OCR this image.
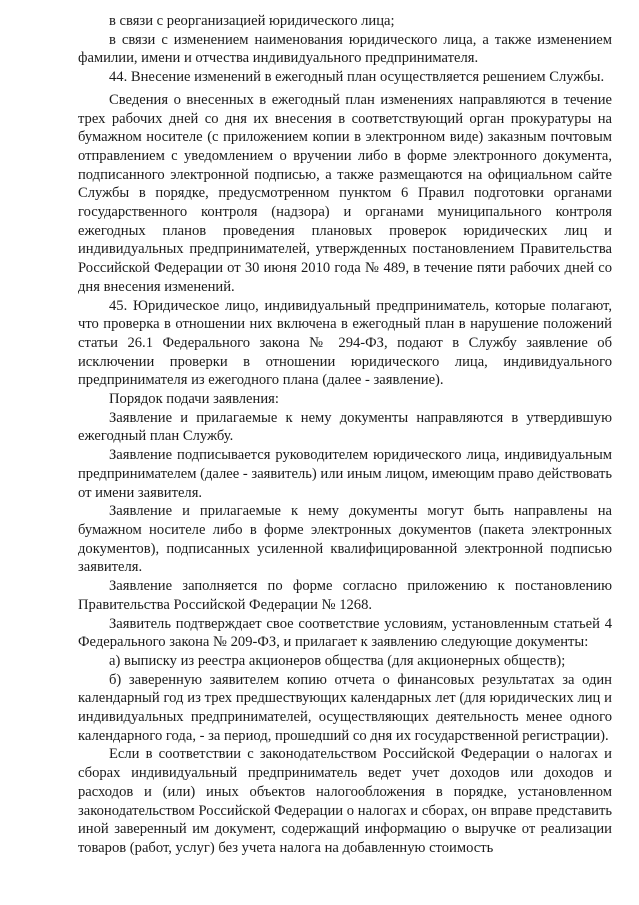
в связи с реорганизацией юридического лица;

в связи с изменением наименования юридического лица, а также изменением фамилии, имени и отчества индивидуального предпринимателя.

44. Внесение изменений в ежегодный план осуществляется решением Службы.

Сведения о внесенных в ежегодный план изменениях направляются в течение трех рабочих дней со дня их внесения в соответствующий орган прокуратуры на бумажном носителе (с приложением копии в электронном виде) заказным почтовым отправлением с уведомлением о вручении либо в форме электронного документа, подписанного электронной подписью, а также размещаются на официальном сайте Службы в порядке, предусмотренном пунктом 6 Правил подготовки органами государственного контроля (надзора) и органами муниципального контроля ежегодных планов проведения плановых проверок юридических лиц и индивидуальных предпринимателей, утвержденных постановлением Правительства Российской Федерации от 30 июня 2010 года № 489, в течение пяти рабочих дней со дня внесения изменений.

45. Юридическое лицо, индивидуальный предприниматель, которые полагают, что проверка в отношении них включена в ежегодный план в нарушение положений статьи 26.1 Федерального закона № 294-ФЗ, подают в Службу заявление об исключении проверки в отношении юридического лица, индивидуального предпринимателя из ежегодного плана (далее - заявление).

Порядок подачи заявления:

Заявление и прилагаемые к нему документы направляются в утвердившую ежегодный план Службу.

Заявление подписывается руководителем юридического лица, индивидуальным предпринимателем (далее - заявитель) или иным лицом, имеющим право действовать от имени заявителя.

Заявление и прилагаемые к нему документы могут быть направлены на бумажном носителе либо в форме электронных документов (пакета электронных документов), подписанных усиленной квалифицированной электронной подписью заявителя.

Заявление заполняется по форме согласно приложению к постановлению Правительства Российской Федерации № 1268.

Заявитель подтверждает свое соответствие условиям, установленным статьей 4 Федерального закона № 209-ФЗ, и прилагает к заявлению следующие документы:

а) выписку из реестра акционеров общества (для акционерных обществ);

б) заверенную заявителем копию отчета о финансовых результатах за один календарный год из трех предшествующих календарных лет (для юридических лиц и индивидуальных предпринимателей, осуществляющих деятельность менее одного календарного года, - за период, прошедший со дня их государственной регистрации).

Если в соответствии с законодательством Российской Федерации о налогах и сборах индивидуальный предприниматель ведет учет доходов или доходов и расходов и (или) иных объектов налогообложения в порядке, установленном законодательством Российской Федерации о налогах и сборах, он вправе представить иной заверенный им документ, содержащий информацию о выручке от реализации товаров (работ, услуг) без учета налога на добавленную стоимость
